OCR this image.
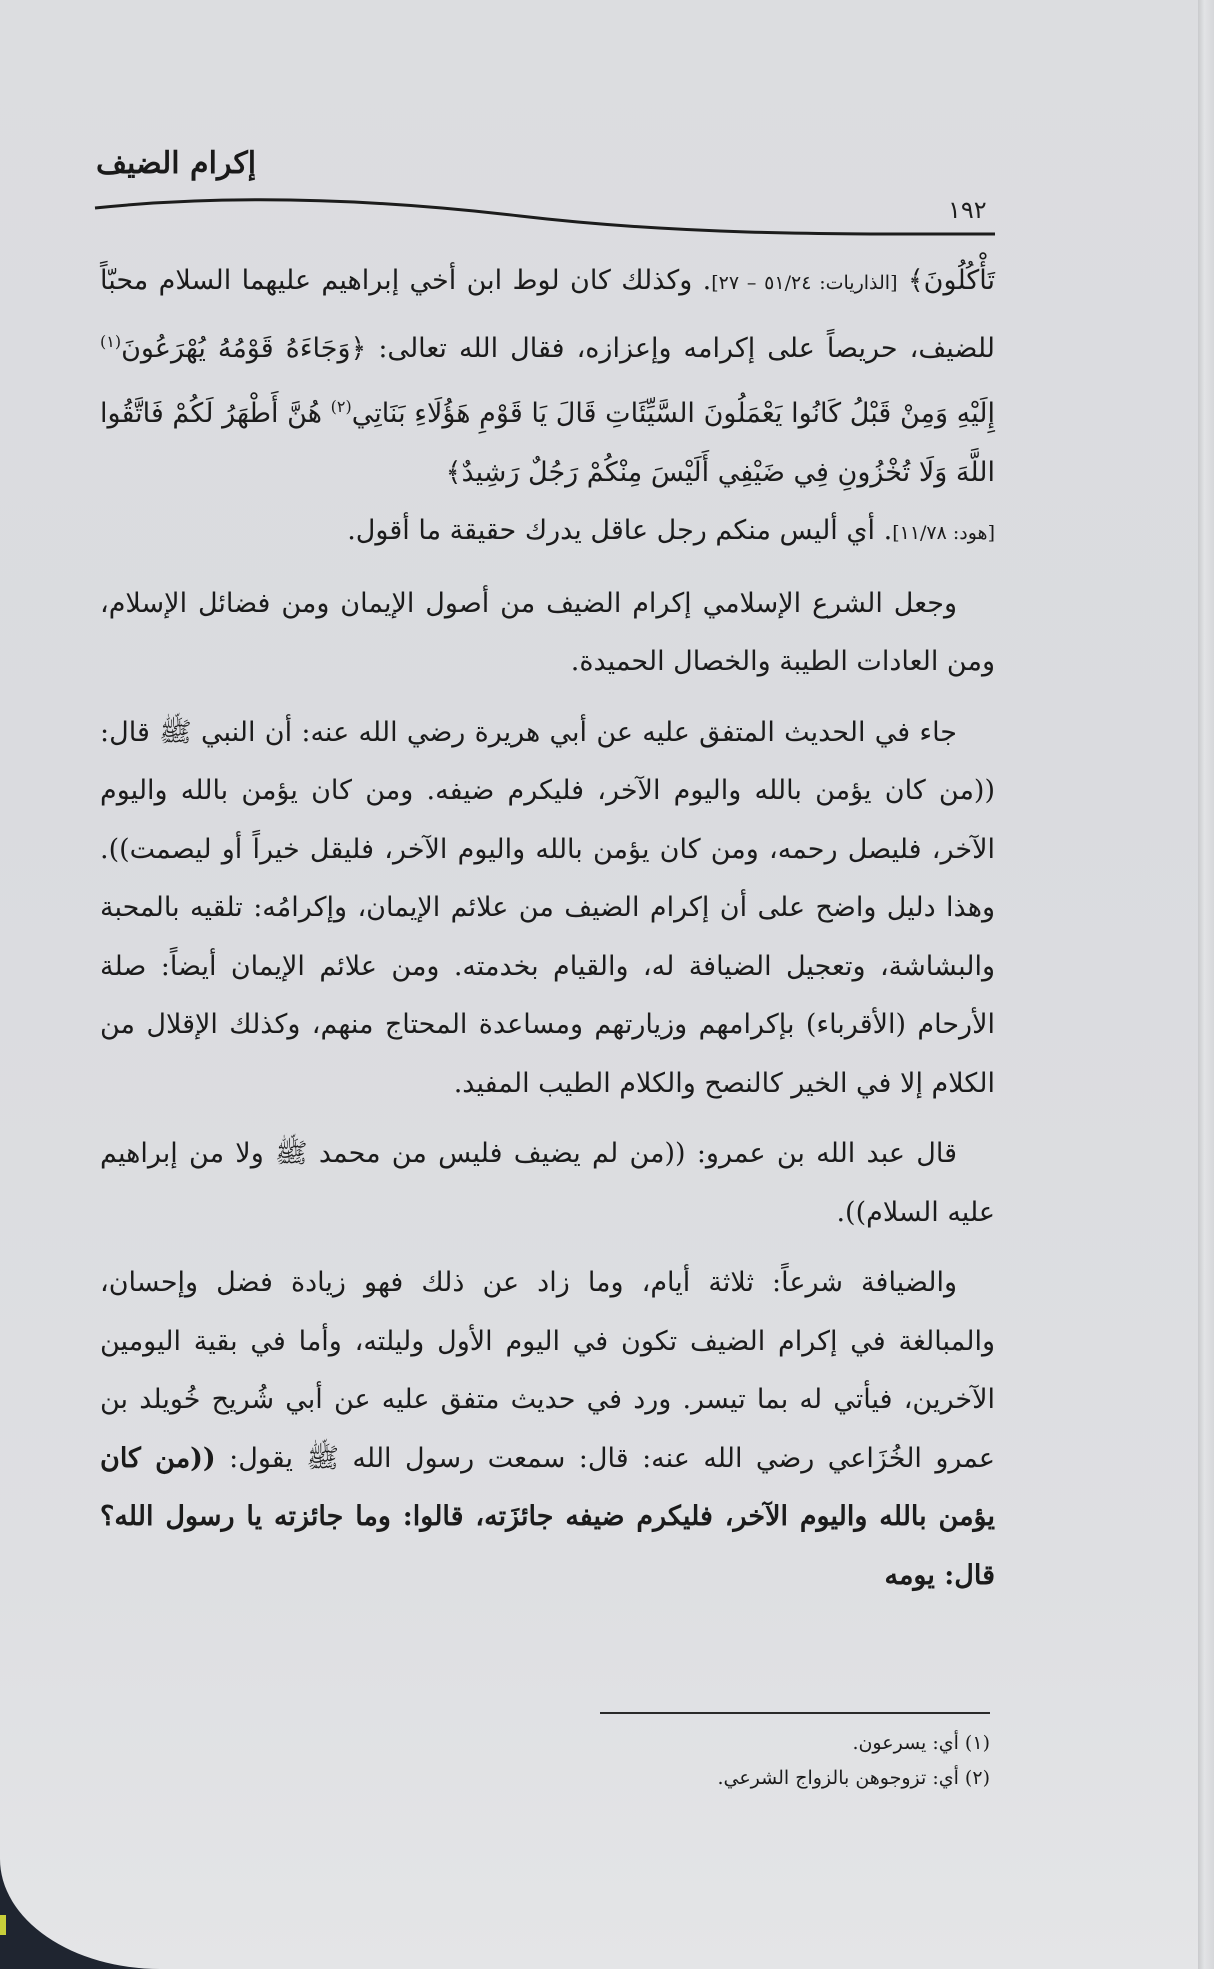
إكرام الضيف
١٩٢

تَأْكُلُونَ﴾ [الذاريات: ٥١/٢٤ – ٢٧]. وكذلك كان لوط ابن أخي إبراهيم عليهما السلام محبّاً للضيف، حريصاً على إكرامه وإعزازه، فقال الله تعالى: ﴿وَجَاءَهُ قَوْمُهُ يُهْرَعُونَ$^{(١)}$ إِلَيْهِ وَمِنْ قَبْلُ كَانُوا يَعْمَلُونَ السَّيِّئَاتِ قَالَ يَا قَوْمِ هَؤُلَاءِ بَنَاتِي$^{(٢)}$ هُنَّ أَطْهَرُ لَكُمْ فَاتَّقُوا اللَّهَ وَلَا تُخْزُونِ فِي ضَيْفِي أَلَيْسَ مِنْكُمْ رَجُلٌ رَشِيدٌ﴾
[هود: ١١/٧٨]. أي أليس منكم رجل عاقل يدرك حقيقة ما أقول.

وجعل الشرع الإسلامي إكرام الضيف من أصول الإيمان ومن فضائل الإسلام، ومن العادات الطيبة والخصال الحميدة.

جاء في الحديث المتفق عليه عن أبي هريرة رضي الله عنه: أن النبي ﷺ قال: ((من كان يؤمن بالله واليوم الآخر، فليكرم ضيفه. ومن كان يؤمن بالله واليوم الآخر، فليصل رحمه، ومن كان يؤمن بالله واليوم الآخر، فليقل خيراً أو ليصمت)). وهذا دليل واضح على أن إكرام الضيف من علائم الإيمان، وإكرامُه: تلقيه بالمحبة والبشاشة، وتعجيل الضيافة له، والقيام بخدمته. ومن علائم الإيمان أيضاً: صلة الأرحام (الأقرباء) بإكرامهم وزيارتهم ومساعدة المحتاج منهم، وكذلك الإقلال من الكلام إلا في الخير كالنصح والكلام الطيب المفيد.

قال عبد الله بن عمرو: ((من لم يضيف فليس من محمد ﷺ ولا من إبراهيم عليه السلام)).

والضيافة شرعاً: ثلاثة أيام، وما زاد عن ذلك فهو زيادة فضل وإحسان، والمبالغة في إكرام الضيف تكون في اليوم الأول وليلته، وأما في بقية اليومين الآخرين، فيأتي له بما تيسر. ورد في حديث متفق عليه عن أبي شُريح خُويلد بن عمرو الخُزَاعي رضي الله عنه: قال: سمعت رسول الله ﷺ يقول: ((من كان يؤمن بالله واليوم الآخر، فليكرم ضيفه جائزَته، قالوا: وما جائزته يا رسول الله؟ قال: يومه

(١) أي: يسرعون.
(٢) أي: تزوجوهن بالزواج الشرعي.
